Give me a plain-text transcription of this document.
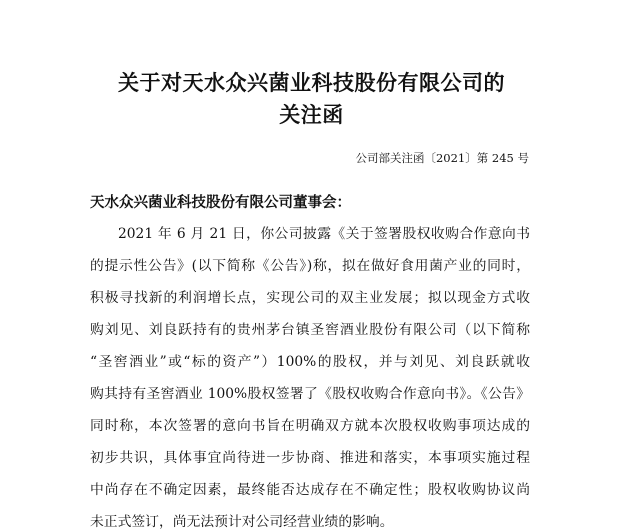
关于对天水众兴菌业科技股份有限公司的
关注函
公司部关注函〔2021〕第 245 号
天水众兴菌业科技股份有限公司董事会：
2021 年 6 月 21 日，你公司披露《关于签署股权收购合作意向书
的提示性公告》(以下简称《公告》)称，拟在做好食用菌产业的同时，
积极寻找新的利润增长点，实现公司的双主业发展；拟以现金方式收
购刘见、刘良跃持有的贵州茅台镇圣窖酒业股份有限公司（以下简称
“圣窖酒业”或“标的资产”）100%的股权，并与刘见、刘良跃就收
购其持有圣窖酒业 100%股权签署了《股权收购合作意向书》。《公告》
同时称，本次签署的意向书旨在明确双方就本次股权收购事项达成的
初步共识，具体事宜尚待进一步协商、推进和落实，本事项实施过程
中尚存在不确定因素，最终能否达成存在不确定性；股权收购协议尚
未正式签订，尚无法预计对公司经营业绩的影响。
